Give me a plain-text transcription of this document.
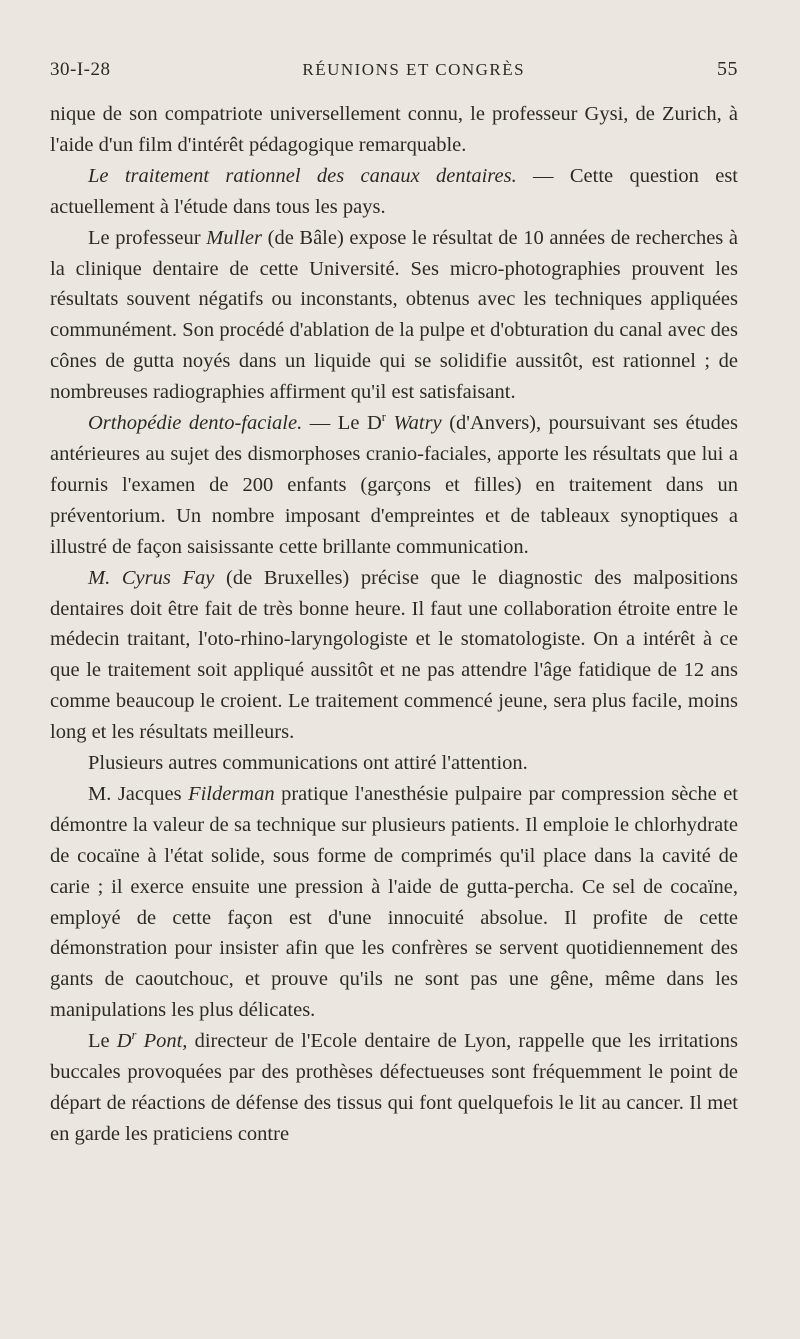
30-I-28	RÉUNIONS ET CONGRÈS	55

nique de son compatriote universellement connu, le professeur Gysi, de Zurich, à l'aide d'un film d'intérêt pédagogique remarquable.

Le traitement rationnel des canaux dentaires. — Cette question est actuellement à l'étude dans tous les pays.

Le professeur Muller (de Bâle) expose le résultat de 10 années de recherches à la clinique dentaire de cette Université. Ses micro-photographies prouvent les résultats souvent négatifs ou inconstants, obtenus avec les techniques appliquées communément. Son procédé d'ablation de la pulpe et d'obturation du canal avec des cônes de gutta noyés dans un liquide qui se solidifie aussitôt, est rationnel ; de nombreuses radiographies affirment qu'il est satisfaisant.

Orthopédie dento-faciale. — Le $D^r$ Watry (d'Anvers), poursuivant ses études antérieures au sujet des dismorphoses cranio-faciales, apporte les résultats que lui a fournis l'examen de 200 enfants (garçons et filles) en traitement dans un préventorium. Un nombre imposant d'empreintes et de tableaux synoptiques a illustré de façon saisissante cette brillante communication.

M. Cyrus Fay (de Bruxelles) précise que le diagnostic des malpositions dentaires doit être fait de très bonne heure. Il faut une collaboration étroite entre le médecin traitant, l'oto-rhino-laryngologiste et le stomatologiste. On a intérêt à ce que le traitement soit appliqué aussitôt et ne pas attendre l'âge fatidique de 12 ans comme beaucoup le croient. Le traitement commencé jeune, sera plus facile, moins long et les résultats meilleurs.

Plusieurs autres communications ont attiré l'attention.

M. Jacques Filderman pratique l'anesthésie pulpaire par compression sèche et démontre la valeur de sa technique sur plusieurs patients. Il emploie le chlorhydrate de cocaïne à l'état solide, sous forme de comprimés qu'il place dans la cavité de carie ; il exerce ensuite une pression à l'aide de gutta-percha. Ce sel de cocaïne, employé de cette façon est d'une innocuité absolue. Il profite de cette démonstration pour insister afin que les confrères se servent quotidiennement des gants de caoutchouc, et prouve qu'ils ne sont pas une gêne, même dans les manipulations les plus délicates.

Le $D^r$ Pont, directeur de l'Ecole dentaire de Lyon, rappelle que les irritations buccales provoquées par des prothèses défectueuses sont fréquemment le point de départ de réactions de défense des tissus qui font quelquefois le lit au cancer. Il met en garde les praticiens contre
